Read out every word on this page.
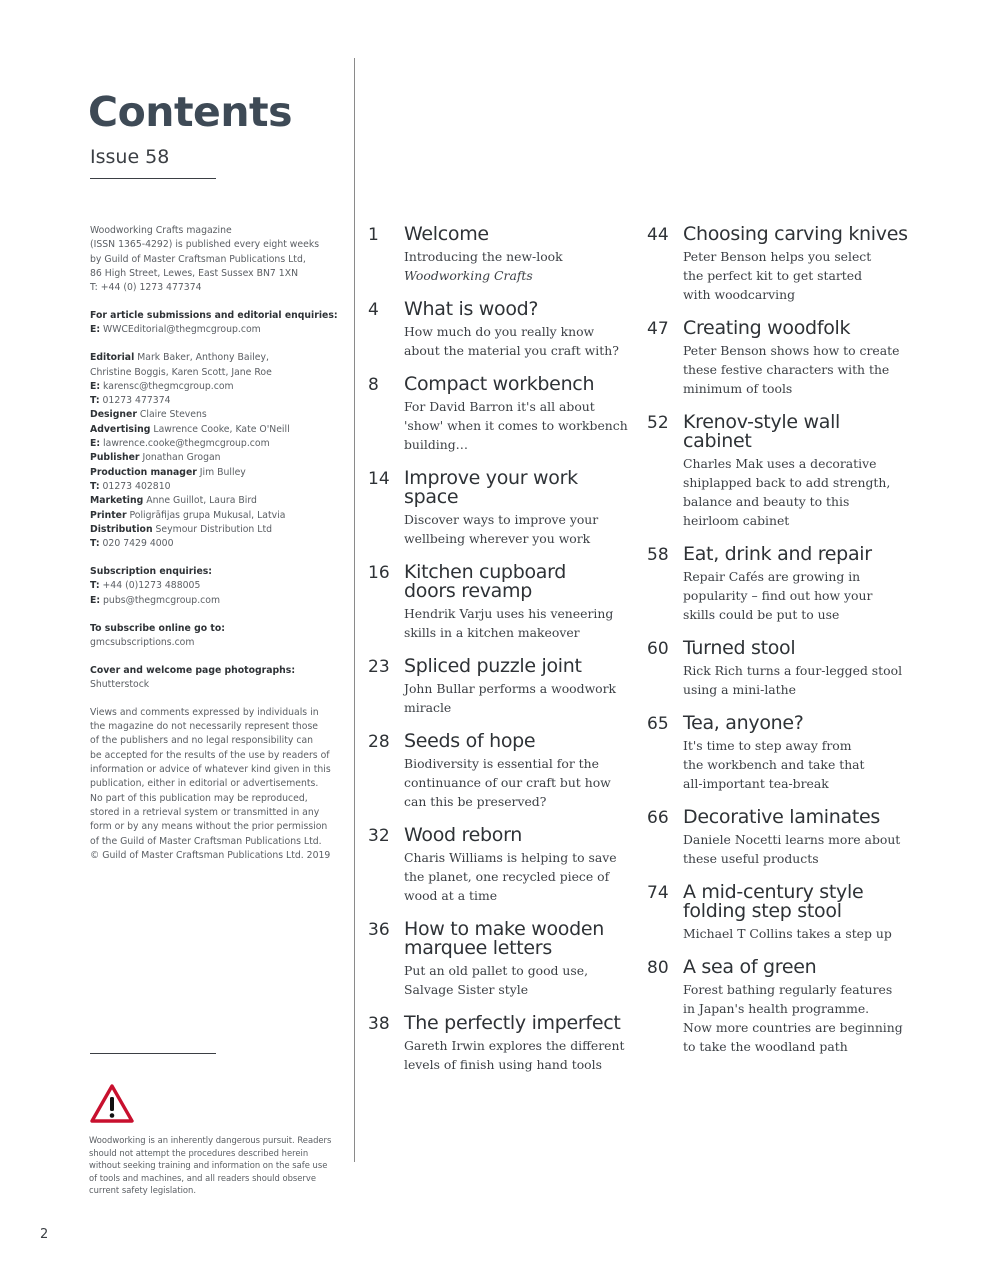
Contents
Issue 58
Woodworking Crafts magazine
(ISSN 1365-4292) is published every eight weeks
by Guild of Master Craftsman Publications Ltd,
86 High Street, Lewes, East Sussex BN7 1XN
T: +44 (0) 1273 477374
For article submissions and editorial enquiries:
E: WWCEditorial@thegmcgroup.com
Editorial Mark Baker, Anthony Bailey,
Christine Boggis, Karen Scott, Jane Roe
E: karensc@thegmcgroup.com
T: 01273 477374
Designer Claire Stevens
Advertising Lawrence Cooke, Kate O'Neill
E: lawrence.cooke@thegmcgroup.com
Publisher Jonathan Grogan
Production manager Jim Bulley
T: 01273 402810
Marketing Anne Guillot, Laura Bird
Printer Poligrāfijas grupa Mukusal, Latvia
Distribution Seymour Distribution Ltd
T: 020 7429 4000
Subscription enquiries:
T: +44 (0)1273 488005
E: pubs@thegmcgroup.com
To subscribe online go to:
gmcsubscriptions.com
Cover and welcome page photographs:
Shutterstock
Views and comments expressed by individuals in
the magazine do not necessarily represent those
of the publishers and no legal responsibility can
be accepted for the results of the use by readers of
information or advice of whatever kind given in this
publication, either in editorial or advertisements.
No part of this publication may be reproduced,
stored in a retrieval system or transmitted in any
form or by any means without the prior permission
of the Guild of Master Craftsman Publications Ltd.
© Guild of Master Craftsman Publications Ltd. 2019
Woodworking is an inherently dangerous pursuit. Readers
should not attempt the procedures described herein
without seeking training and information on the safe use
of tools and machines, and all readers should observe
current safety legislation.
2
1 Welcome
Introducing the new-look
Woodworking Crafts
4 What is wood?
How much do you really know
about the material you craft with?
8 Compact workbench
For David Barron it's all about
'show' when it comes to workbench
building…
14 Improve your work
space
Discover ways to improve your
wellbeing wherever you work
16 Kitchen cupboard
doors revamp
Hendrik Varju uses his veneering
skills in a kitchen makeover
23 Spliced puzzle joint
John Bullar performs a woodwork
miracle
28 Seeds of hope
Biodiversity is essential for the
continuance of our craft but how
can this be preserved?
32 Wood reborn
Charis Williams is helping to save
the planet, one recycled piece of
wood at a time
36 How to make wooden
marquee letters
Put an old pallet to good use,
Salvage Sister style
38 The perfectly imperfect
Gareth Irwin explores the different
levels of finish using hand tools
44 Choosing carving knives
Peter Benson helps you select
the perfect kit to get started
with woodcarving
47 Creating woodfolk
Peter Benson shows how to create
these festive characters with the
minimum of tools
52 Krenov-style wall
cabinet
Charles Mak uses a decorative
shiplapped back to add strength,
balance and beauty to this
heirloom cabinet
58 Eat, drink and repair
Repair Cafés are growing in
popularity – find out how your
skills could be put to use
60 Turned stool
Rick Rich turns a four-legged stool
using a mini-lathe
65 Tea, anyone?
It's time to step away from
the workbench and take that
all-important tea-break
66 Decorative laminates
Daniele Nocetti learns more about
these useful products
74 A mid-century style
folding step stool
Michael T Collins takes a step up
80 A sea of green
Forest bathing regularly features
in Japan's health programme.
Now more countries are beginning
to take the woodland path
